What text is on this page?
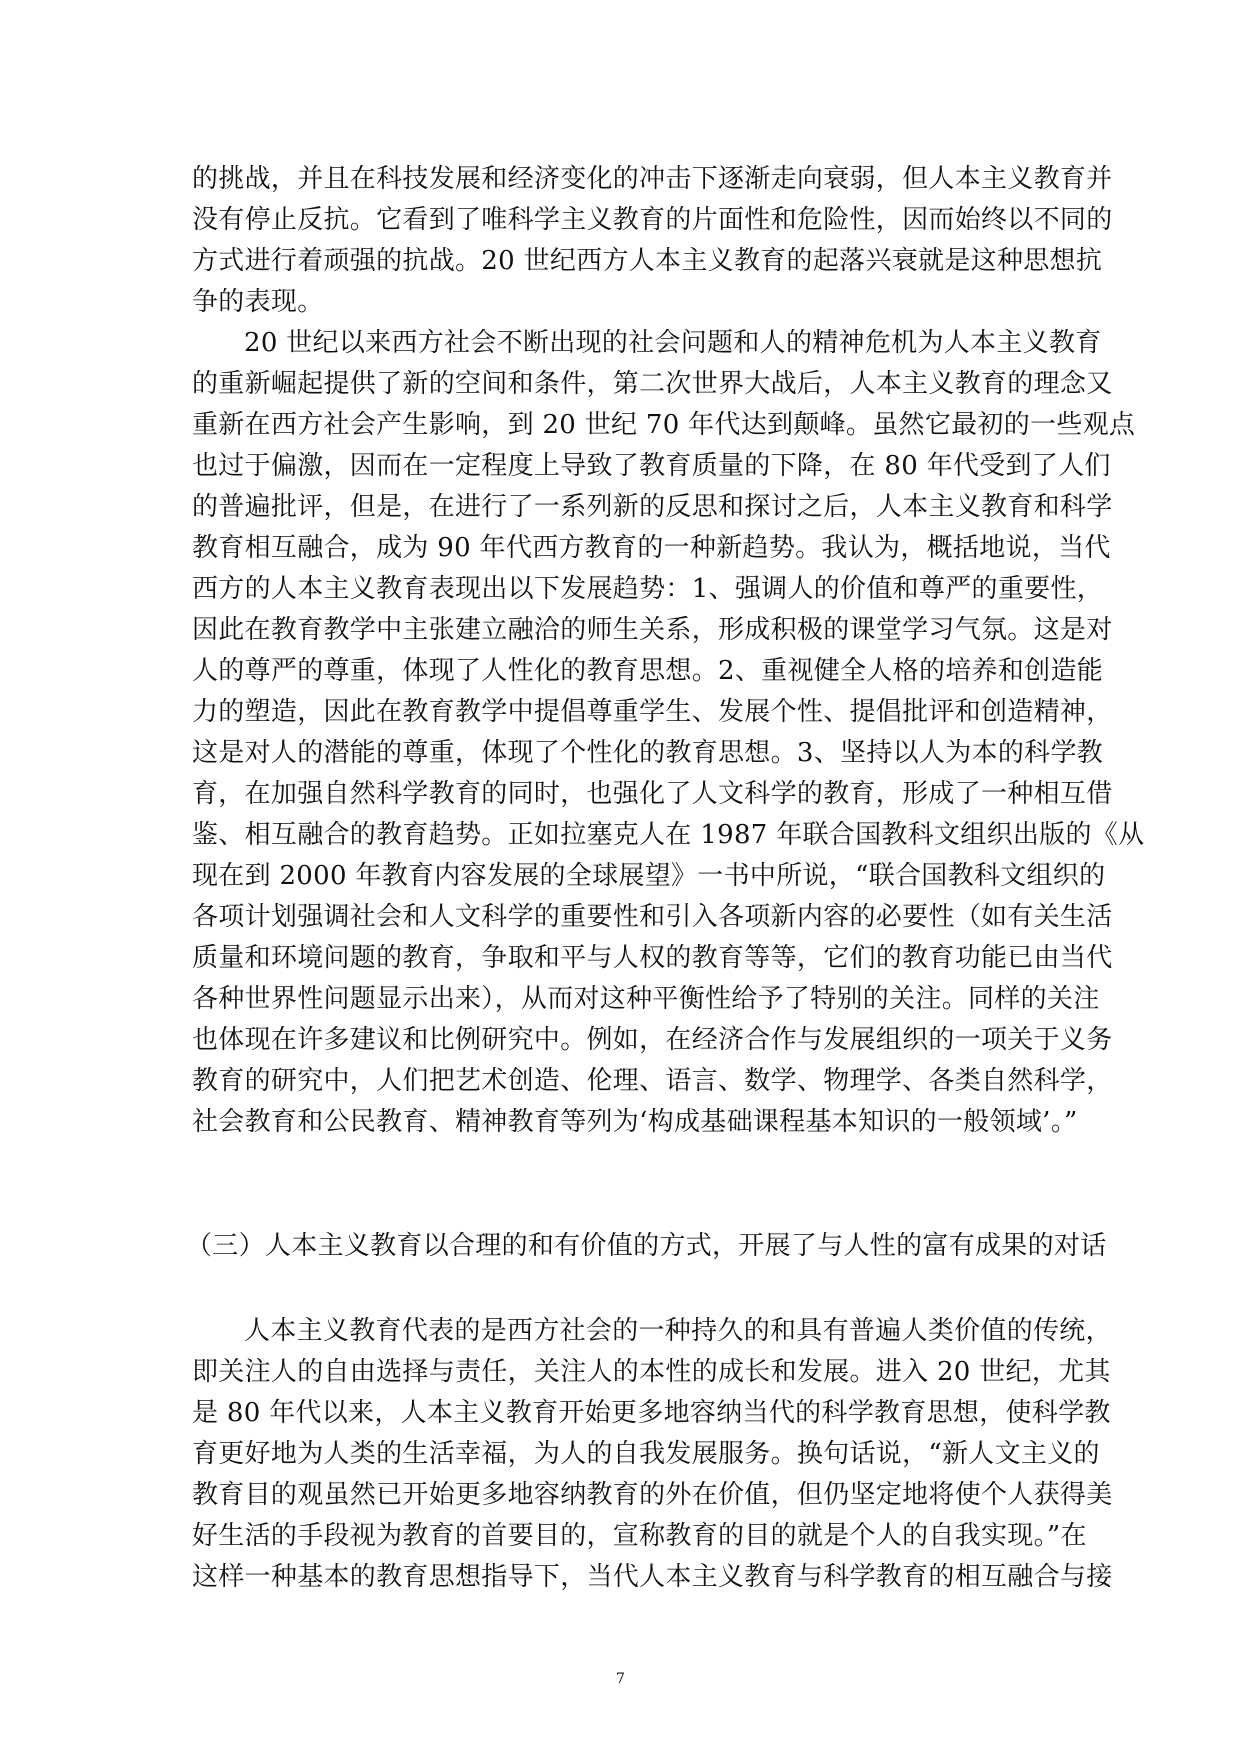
的挑战，并且在科技发展和经济变化的冲击下逐渐走向衰弱，但人本主义教育并
没有停止反抗。它看到了唯科学主义教育的片面性和危险性，因而始终以不同的
方式进行着顽强的抗战。20 世纪西方人本主义教育的起落兴衰就是这种思想抗
争的表现。
20 世纪以来西方社会不断出现的社会问题和人的精神危机为人本主义教育
的重新崛起提供了新的空间和条件，第二次世界大战后，人本主义教育的理念又
重新在西方社会产生影响，到 20 世纪 70 年代达到颠峰。虽然它最初的一些观点
也过于偏激，因而在一定程度上导致了教育质量的下降，在 80 年代受到了人们
的普遍批评，但是，在进行了一系列新的反思和探讨之后，人本主义教育和科学
教育相互融合，成为 90 年代西方教育的一种新趋势。我认为，概括地说，当代
西方的人本主义教育表现出以下发展趋势：1、强调人的价值和尊严的重要性，
因此在教育教学中主张建立融洽的师生关系，形成积极的课堂学习气氛。这是对
人的尊严的尊重，体现了人性化的教育思想。2、重视健全人格的培养和创造能
力的塑造，因此在教育教学中提倡尊重学生、发展个性、提倡批评和创造精神，
这是对人的潜能的尊重，体现了个性化的教育思想。3、坚持以人为本的科学教
育，在加强自然科学教育的同时，也强化了人文科学的教育，形成了一种相互借
鉴、相互融合的教育趋势。正如拉塞克人在 1987 年联合国教科文组织出版的《从
现在到 2000 年教育内容发展的全球展望》一书中所说，“联合国教科文组织的
各项计划强调社会和人文科学的重要性和引入各项新内容的必要性（如有关生活
质量和环境问题的教育，争取和平与人权的教育等等，它们的教育功能已由当代
各种世界性问题显示出来），从而对这种平衡性给予了特别的关注。同样的关注
也体现在许多建议和比例研究中。例如，在经济合作与发展组织的一项关于义务
教育的研究中，人们把艺术创造、伦理、语言、数学、物理学、各类自然科学，
社会教育和公民教育、精神教育等列为‘构成基础课程基本知识的一般领域’。”
（三）人本主义教育以合理的和有价值的方式，开展了与人性的富有成果的对话
人本主义教育代表的是西方社会的一种持久的和具有普遍人类价值的传统，
即关注人的自由选择与责任，关注人的本性的成长和发展。进入 20 世纪，尤其
是 80 年代以来，人本主义教育开始更多地容纳当代的科学教育思想，使科学教
育更好地为人类的生活幸福，为人的自我发展服务。换句话说，“新人文主义的
教育目的观虽然已开始更多地容纳教育的外在价值，但仍坚定地将使个人获得美
好生活的手段视为教育的首要目的，宣称教育的目的就是个人的自我实现。”在
这样一种基本的教育思想指导下，当代人本主义教育与科学教育的相互融合与接
7
